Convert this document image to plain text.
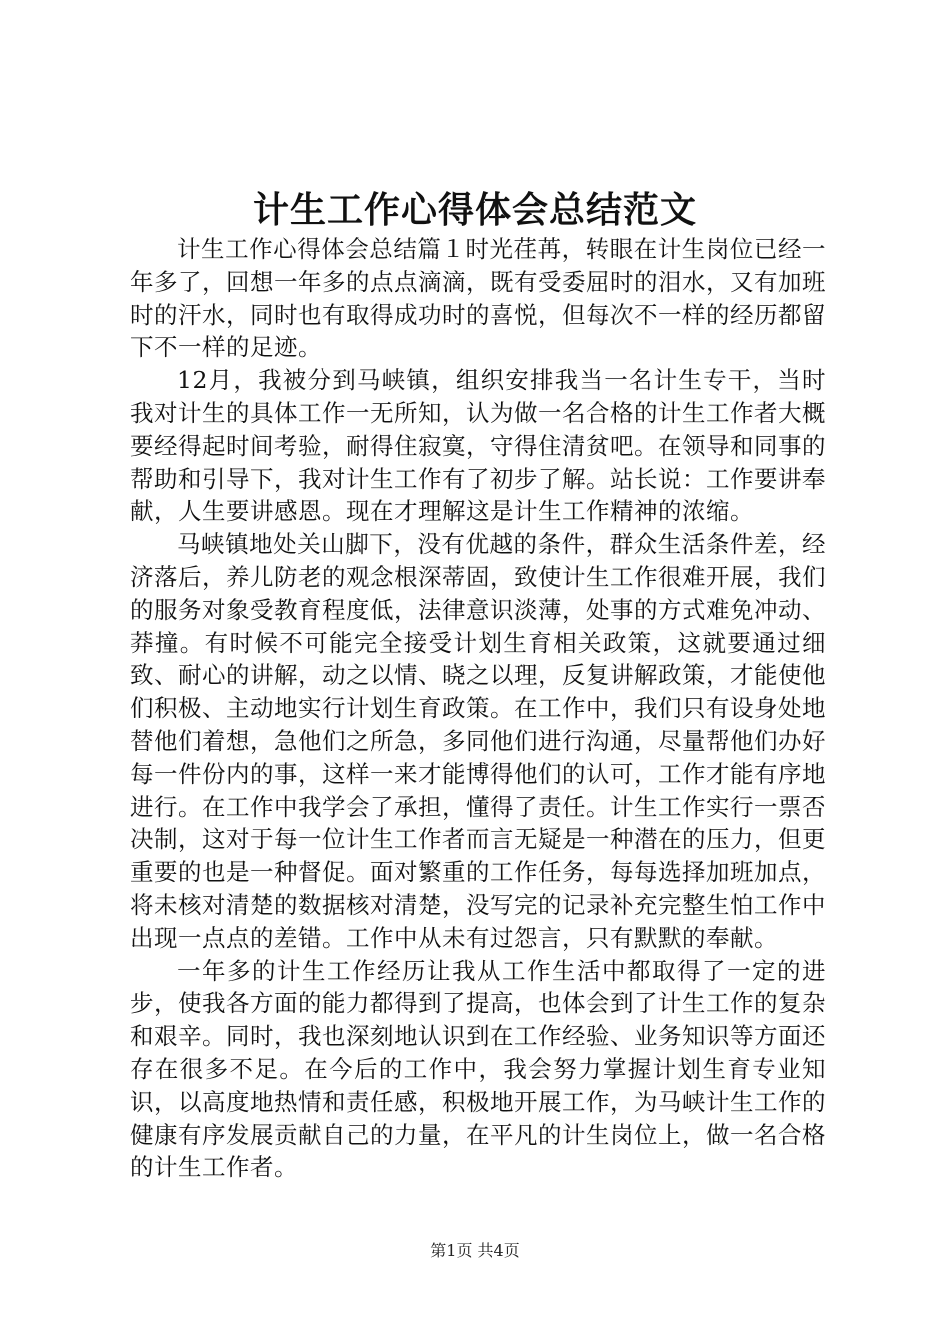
计生工作心得体会总结范文

计生工作心得体会总结篇１时光荏苒，转眼在计生岗位已经一年多了，回想一年多的点点滴滴，既有受委屈时的泪水，又有加班时的汗水，同时也有取得成功时的喜悦，但每次不一样的经历都留下不一样的足迹。

12月，我被分到马峡镇，组织安排我当一名计生专干，当时我对计生的具体工作一无所知，认为做一名合格的计生工作者大概要经得起时间考验，耐得住寂寞，守得住清贫吧。在领导和同事的帮助和引导下，我对计生工作有了初步了解。站长说：工作要讲奉献，人生要讲感恩。现在才理解这是计生工作精神的浓缩。

马峡镇地处关山脚下，没有优越的条件，群众生活条件差，经济落后，养儿防老的观念根深蒂固，致使计生工作很难开展，我们的服务对象受教育程度低，法律意识淡薄，处事的方式难免冲动、莽撞。有时候不可能完全接受计划生育相关政策，这就要通过细致、耐心的讲解，动之以情、晓之以理，反复讲解政策，才能使他们积极、主动地实行计划生育政策。在工作中，我们只有设身处地替他们着想，急他们之所急，多同他们进行沟通，尽量帮他们办好每一件份内的事，这样一来才能博得他们的认可，工作才能有序地进行。在工作中我学会了承担，懂得了责任。计生工作实行一票否决制，这对于每一位计生工作者而言无疑是一种潜在的压力，但更重要的也是一种督促。面对繁重的工作任务，每每选择加班加点，将未核对清楚的数据核对清楚，没写完的记录补充完整生怕工作中出现一点点的差错。工作中从未有过怨言，只有默默的奉献。

一年多的计生工作经历让我从工作生活中都取得了一定的进步，使我各方面的能力都得到了提高，也体会到了计生工作的复杂和艰辛。同时，我也深刻地认识到在工作经验、业务知识等方面还存在很多不足。在今后的工作中，我会努力掌握计划生育专业知识，以高度地热情和责任感，积极地开展工作，为马峡计生工作的健康有序发展贡献自己的力量，在平凡的计生岗位上，做一名合格的计生工作者。

第1页 共4页
